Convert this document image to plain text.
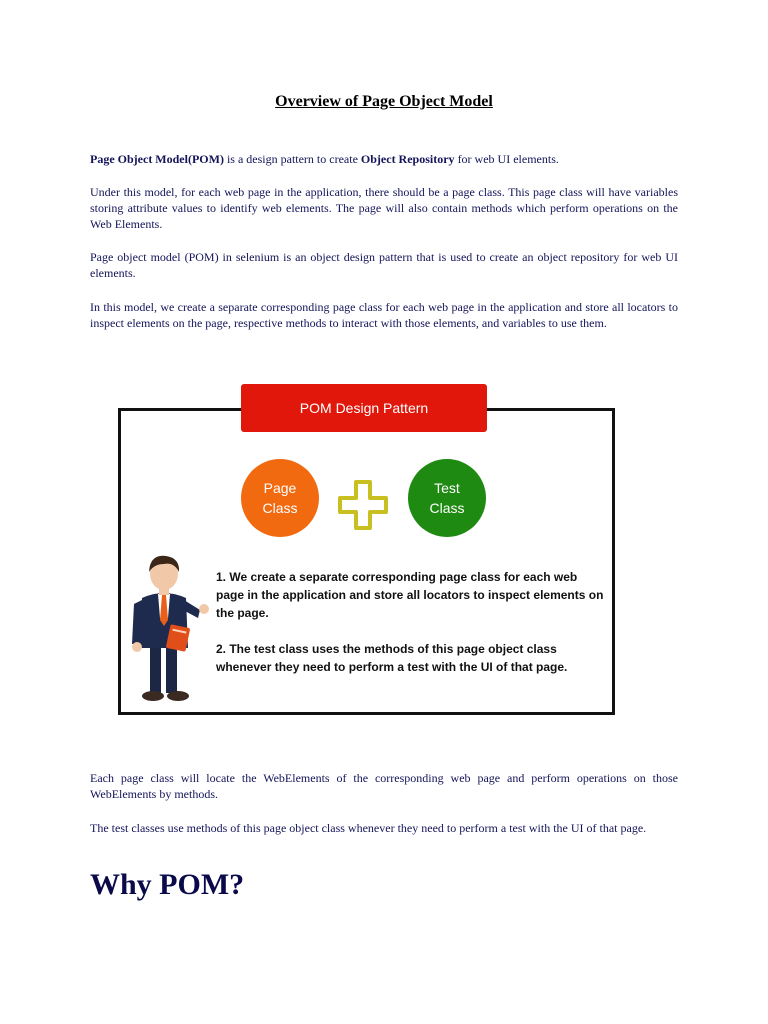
Overview of Page Object Model

Page Object Model(POM) is a design pattern to create Object Repository for web UI elements.

Under this model, for each web page in the application, there should be a page class. This page class will have variables storing attribute values to identify web elements. The page will also contain methods which perform operations on the Web Elements.

Page object model (POM) in selenium is an object design pattern that is used to create an object repository for web UI elements.

In this model, we create a separate corresponding page class for each web page in the application and store all locators to inspect elements on the page, respective methods to interact with those elements, and variables to use them.

POM Design Pattern
Page
Class
Test
Class

1. We create a separate corresponding page class for each web page in the application and store all locators to inspect elements on the page.

2. The test class uses the methods of this page object class whenever they need to perform a test with the UI of that page.

Each page class will locate the WebElements of the corresponding web page and perform operations on those WebElements by methods.

The test classes use methods of this page object class whenever they need to perform a test with the UI of that page.

Why POM?
